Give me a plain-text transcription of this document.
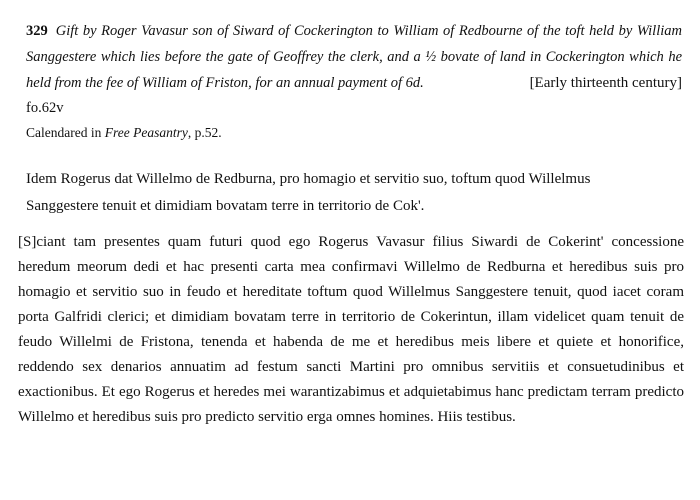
329 Gift by Roger Vavasur son of Siward of Cockerington to William of Redbourne of the toft held by William Sanggestere which lies before the gate of Geoffrey the clerk, and a ½ bovate of land in Cockerington which he held from the fee of William of Friston, for an annual payment of 6d.	[Early thirteenth century]

fo.62v

Calendared in Free Peasantry, p.52.

Idem Rogerus dat Willelmo de Redburna, pro homagio et servitio suo, toftum quod Willelmus
Sanggestere tenuit et dimidiam bovatam terre in territorio de Cok'.

[S]ciant tam presentes quam futuri quod ego Rogerus Vavasur filius Siwardi de Cokerint' concessione heredum meorum dedi et hac presenti carta mea confirmavi Willelmo de Redburna et heredibus suis pro homagio et servitio suo in feudo et hereditate toftum quod Willelmus Sanggestere tenuit, quod iacet coram porta Galfridi clerici; et dimidiam bovatam terre in territorio de Cokerintun, illam videlicet quam tenuit de feudo Willelmi de Fristona, tenenda et habenda de me et heredibus meis libere et quiete et honorifice, reddendo sex denarios annuatim ad festum sancti Martini pro omnibus servitiis et consuetudinibus et exactionibus. Et ego Rogerus et heredes mei warantizabimus et adquietabimus hanc predictam terram predicto Willelmo et heredibus suis pro predicto servitio erga omnes homines. Hiis testibus.
